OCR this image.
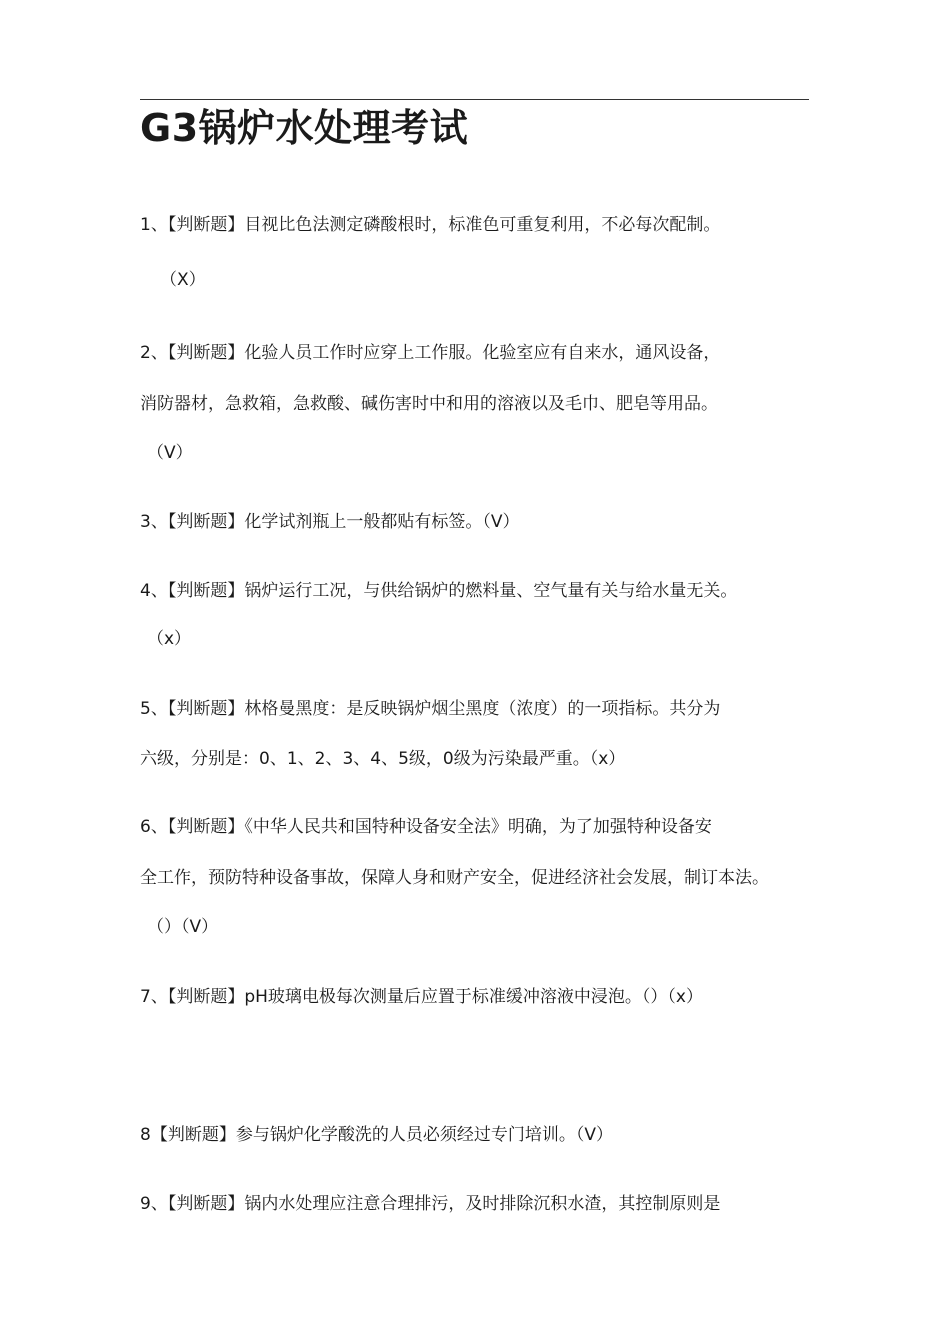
G3锅炉水处理考试

1、【判断题】目视比色法测定磷酸根时，标准色可重复利用，不必每次配制。

（X）

2、【判断题】化验人员工作时应穿上工作服。化验室应有自来水，通风设备，

消防器材，急救箱，急救酸、碱伤害时中和用的溶液以及毛巾、肥皂等用品。

（V）

3、【判断题】化学试剂瓶上一般都贴有标签。（V）

4、【判断题】锅炉运行工况，与供给锅炉的燃料量、空气量有关与给水量无关。

（x）

5、【判断题】林格曼黑度：是反映锅炉烟尘黑度（浓度）的一项指标。共分为

六级，分别是：0、1、2、3、4、5级，0级为污染最严重。（x）

6、【判断题】《中华人民共和国特种设备安全法》明确，为了加强特种设备安

全工作，预防特种设备事故，保障人身和财产安全，促进经济社会发展，制订本法。

（）（V）

7、【判断题】pH玻璃电极每次测量后应置于标准缓冲溶液中浸泡。（）（x）

8【判断题】参与锅炉化学酸洗的人员必须经过专门培训。（V）

9、【判断题】锅内水处理应注意合理排污，及时排除沉积水渣，其控制原则是
